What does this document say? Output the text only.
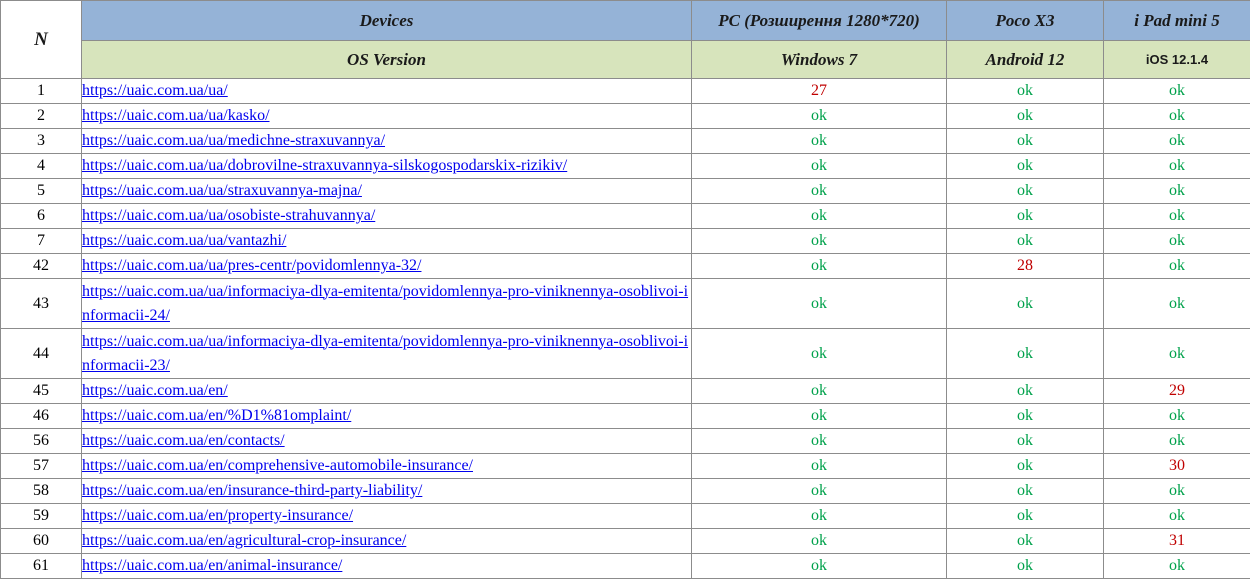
N	Devices	PC (Розширення 1280*720)	Poco X3	i Pad mini 5
	OS Version	Windows 7	Android 12	iOS 12.1.4
1	https://uaic.com.ua/ua/	27	ok	ok
2	https://uaic.com.ua/ua/kasko/	ok	ok	ok
3	https://uaic.com.ua/ua/medichne-straxuvannya/	ok	ok	ok
4	https://uaic.com.ua/ua/dobrovilne-straxuvannya-silskogospodarskix-rizikiv/	ok	ok	ok
5	https://uaic.com.ua/ua/straxuvannya-majna/	ok	ok	ok
6	https://uaic.com.ua/ua/osobiste-strahuvannya/	ok	ok	ok
7	https://uaic.com.ua/ua/vantazhi/	ok	ok	ok
42	https://uaic.com.ua/ua/pres-centr/povidomlennya-32/	ok	28	ok
43	https://uaic.com.ua/ua/informaciya-dlya-emitenta/povidomlennya-pro-viniknennya-osoblivoi-informacii-24/	ok	ok	ok
44	https://uaic.com.ua/ua/informaciya-dlya-emitenta/povidomlennya-pro-viniknennya-osoblivoi-informacii-23/	ok	ok	ok
45	https://uaic.com.ua/en/	ok	ok	29
46	https://uaic.com.ua/en/%D1%81omplaint/	ok	ok	ok
56	https://uaic.com.ua/en/contacts/	ok	ok	ok
57	https://uaic.com.ua/en/comprehensive-automobile-insurance/	ok	ok	30
58	https://uaic.com.ua/en/insurance-third-party-liability/	ok	ok	ok
59	https://uaic.com.ua/en/property-insurance/	ok	ok	ok
60	https://uaic.com.ua/en/agricultural-crop-insurance/	ok	ok	31
61	https://uaic.com.ua/en/animal-insurance/	ok	ok	ok
